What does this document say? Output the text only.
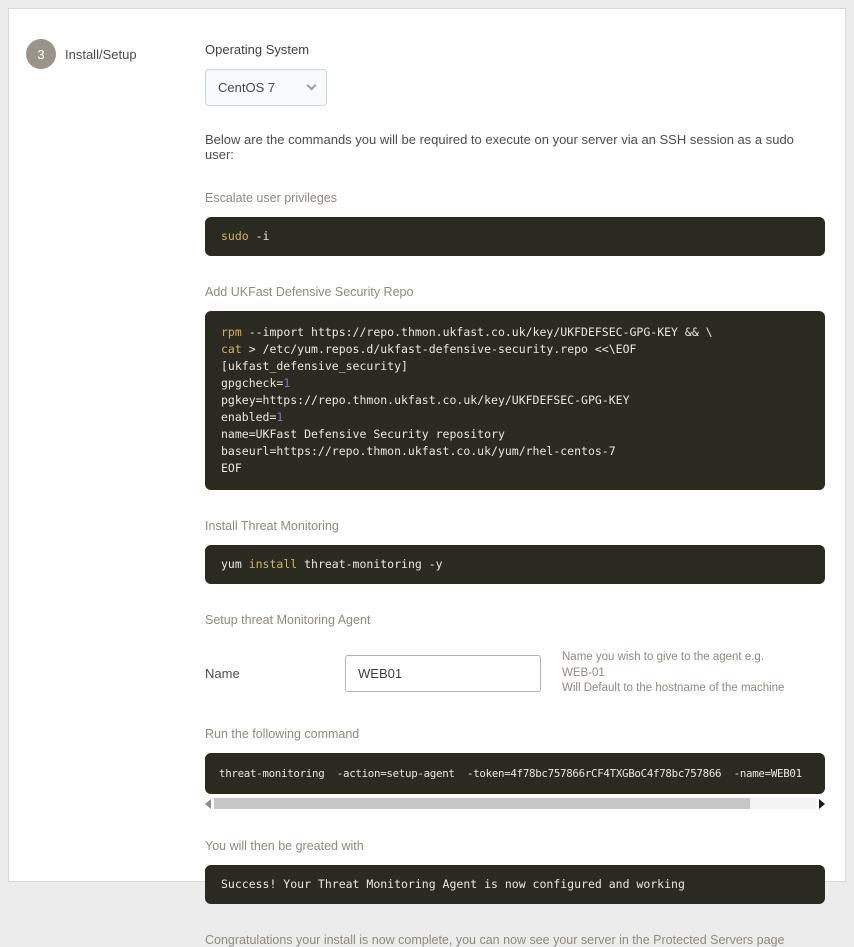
3 Install/Setup	Operating System
CentOS 7

Below are the commands you will be required to execute on your server via an SSH session as a sudo user:

Escalate user privileges
sudo -i
Add UKFast Defensive Security Repo
rpm --import https://repo.thmon.ukfast.co.uk/key/UKFDEFSEC-GPG-KEY && \
cat > /etc/yum.repos.d/ukfast-defensive-security.repo <<\EOF
[ukfast_defensive_security]
gpgcheck=1
pgkey=https://repo.thmon.ukfast.co.uk/key/UKFDEFSEC-GPG-KEY
enabled=1
name=UKFast Defensive Security repository
baseurl=https://repo.thmon.ukfast.co.uk/yum/rhel-centos-7
EOF
Install Threat Monitoring
yum install threat-monitoring -y
Setup threat Monitoring Agent
Name
WEB01
Name you wish to give to the agent e.g.
WEB-01
Will Default to the hostname of the machine
Run the following command
threat-monitoring  -action=setup-agent  -token=4f78bc757866rCF4TXGBoC4f78bc757866  -name=WEB01
You will then be greated with
Success! Your Threat Monitoring Agent is now configured and working

Congratulations your install is now complete, you can now see your server in the Protected Servers page
